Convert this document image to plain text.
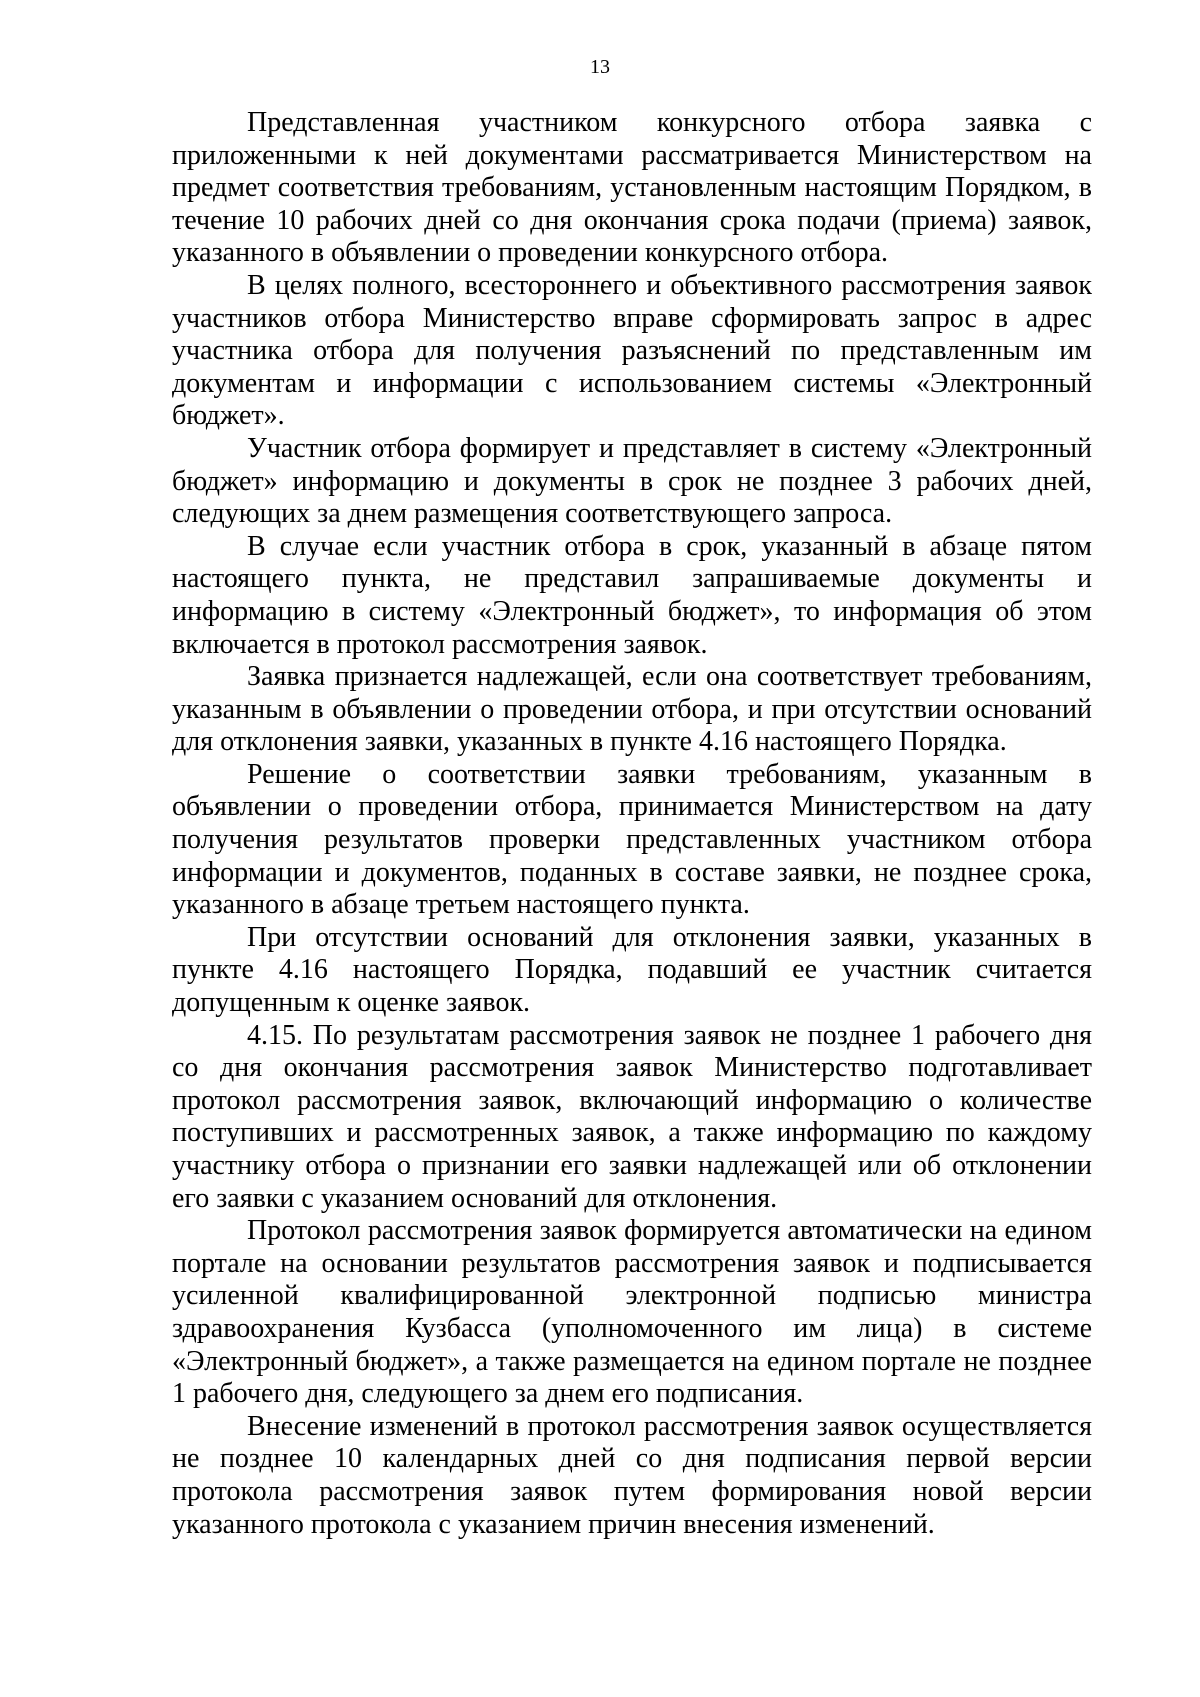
13

Представленная участником конкурсного отбора заявка с приложенными к ней документами рассматривается Министерством на предмет соответствия требованиям, установленным настоящим Порядком, в течение 10 рабочих дней со дня окончания срока подачи (приема) заявок, указанного в объявлении о проведении конкурсного отбора.

В целях полного, всестороннего и объективного рассмотрения заявок участников отбора Министерство вправе сформировать запрос в адрес участника отбора для получения разъяснений по представленным им документам и информации с использованием системы «Электронный бюджет».

Участник отбора формирует и представляет в систему «Электронный бюджет» информацию и документы в срок не позднее 3 рабочих дней, следующих за днем размещения соответствующего запроса.

В случае если участник отбора в срок, указанный в абзаце пятом настоящего пункта, не представил запрашиваемые документы и информацию в систему «Электронный бюджет», то информация об этом включается в протокол рассмотрения заявок.

Заявка признается надлежащей, если она соответствует требованиям, указанным в объявлении о проведении отбора, и при отсутствии оснований для отклонения заявки, указанных в пункте 4.16 настоящего Порядка.

Решение о соответствии заявки требованиям, указанным в объявлении о проведении отбора, принимается Министерством на дату получения результатов проверки представленных участником отбора информации и документов, поданных в составе заявки, не позднее срока, указанного в абзаце третьем настоящего пункта.

При отсутствии оснований для отклонения заявки, указанных в пункте 4.16 настоящего Порядка, подавший ее участник считается допущенным к оценке заявок.

4.15. По результатам рассмотрения заявок не позднее 1 рабочего дня со дня окончания рассмотрения заявок Министерство подготавливает протокол рассмотрения заявок, включающий информацию о количестве поступивших и рассмотренных заявок, а также информацию по каждому участнику отбора о признании его заявки надлежащей или об отклонении его заявки с указанием оснований для отклонения.

Протокол рассмотрения заявок формируется автоматически на едином портале на основании результатов рассмотрения заявок и подписывается усиленной квалифицированной электронной подписью министра здравоохранения Кузбасса (уполномоченного им лица) в системе «Электронный бюджет», а также размещается на едином портале не позднее 1 рабочего дня, следующего за днем его подписания.

Внесение изменений в протокол рассмотрения заявок осуществляется не позднее 10 календарных дней со дня подписания первой версии протокола рассмотрения заявок путем формирования новой версии указанного протокола с указанием причин внесения изменений.
